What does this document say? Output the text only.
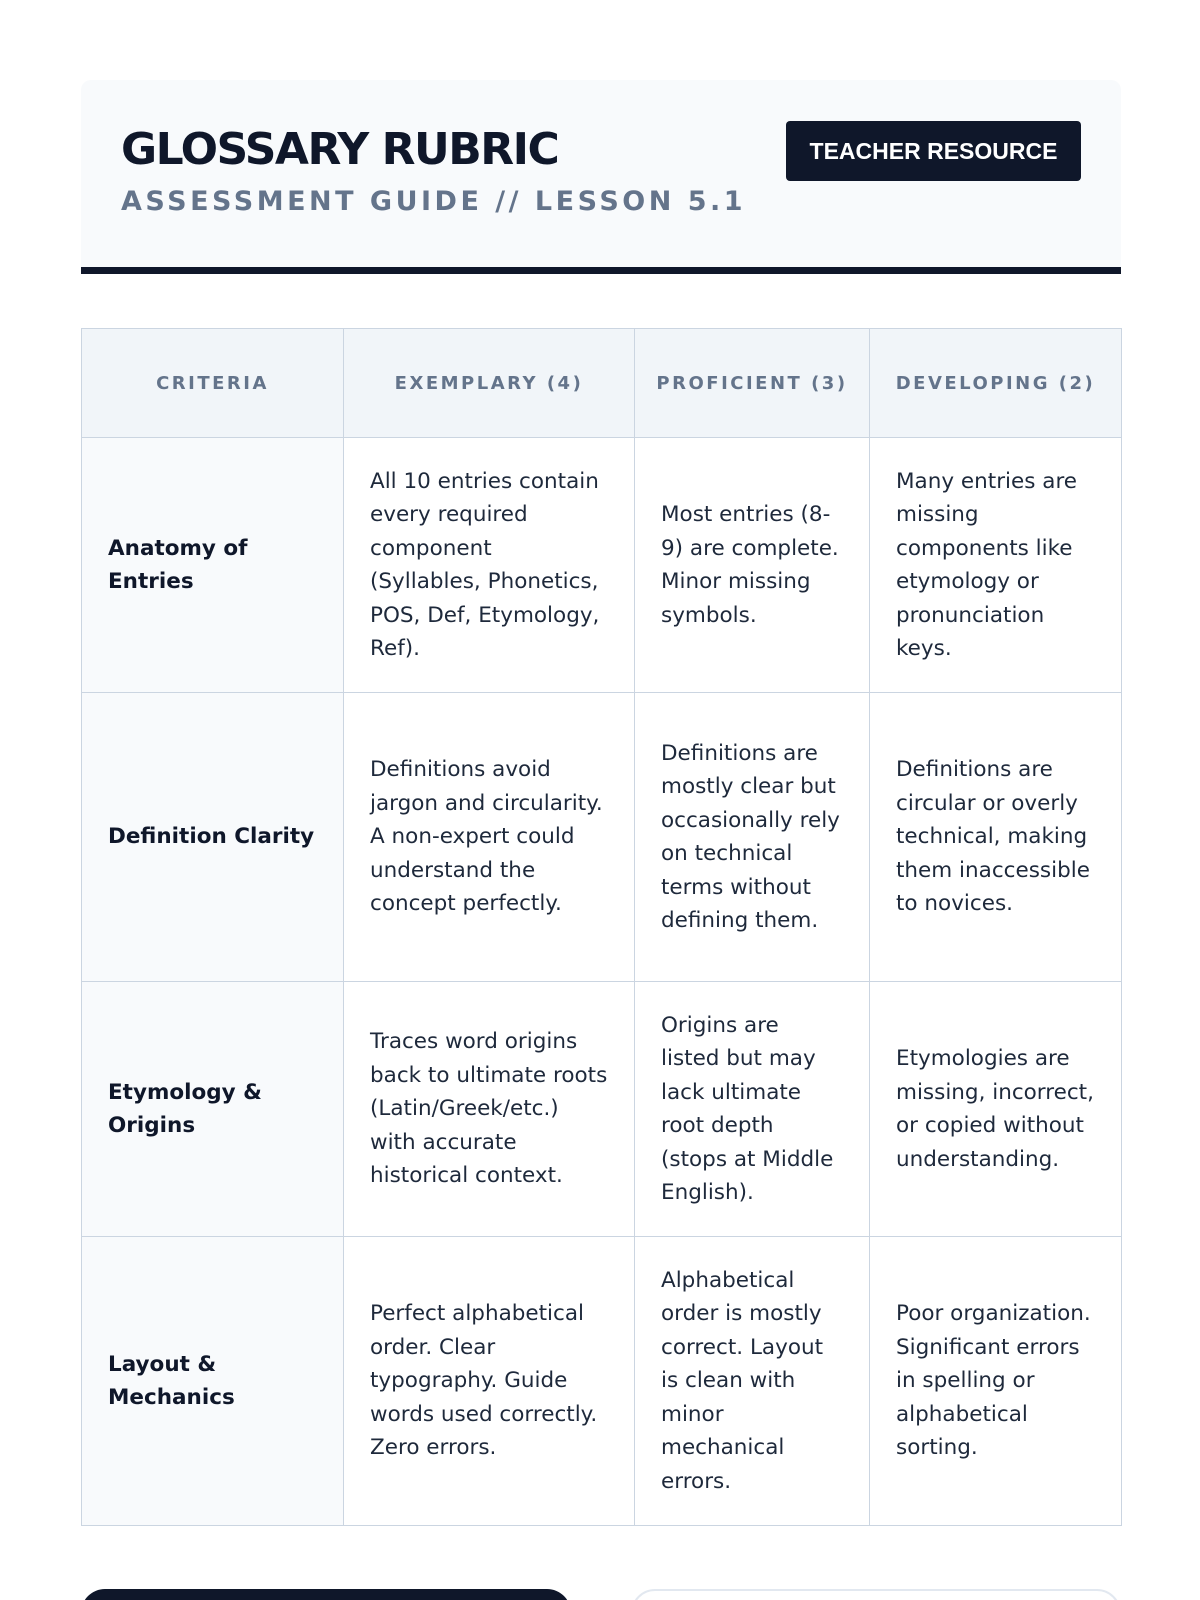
GLOSSARY RUBRIC
ASSESSMENT GUIDE // LESSON 5.1
TEACHER RESOURCE
CRITERIA	EXEMPLARY (4)	PROFICIENT (3)	DEVELOPING (2)
Anatomy of Entries	All 10 entries contain every required component (Syllables, Phonetics, POS, Def, Etymology, Ref).	Most entries (8-9) are complete. Minor missing symbols.	Many entries are missing components like etymology or pronunciation keys.
Definition Clarity	Definitions avoid jargon and circularity. A non-expert could understand the concept perfectly.	Definitions are mostly clear but occasionally rely on technical terms without defining them.	Definitions are circular or overly technical, making them inaccessible to novices.
Etymology & Origins	Traces word origins back to ultimate roots (Latin/Greek/etc.) with accurate historical context.	Origins are listed but may lack ultimate root depth (stops at Middle English).	Etymologies are missing, incorrect, or copied without understanding.
Layout & Mechanics	Perfect alphabetical order. Clear typography. Guide words used correctly. Zero errors.	Alphabetical order is mostly correct. Layout is clean with minor mechanical errors.	Poor organization. Significant errors in spelling or alphabetical sorting.
